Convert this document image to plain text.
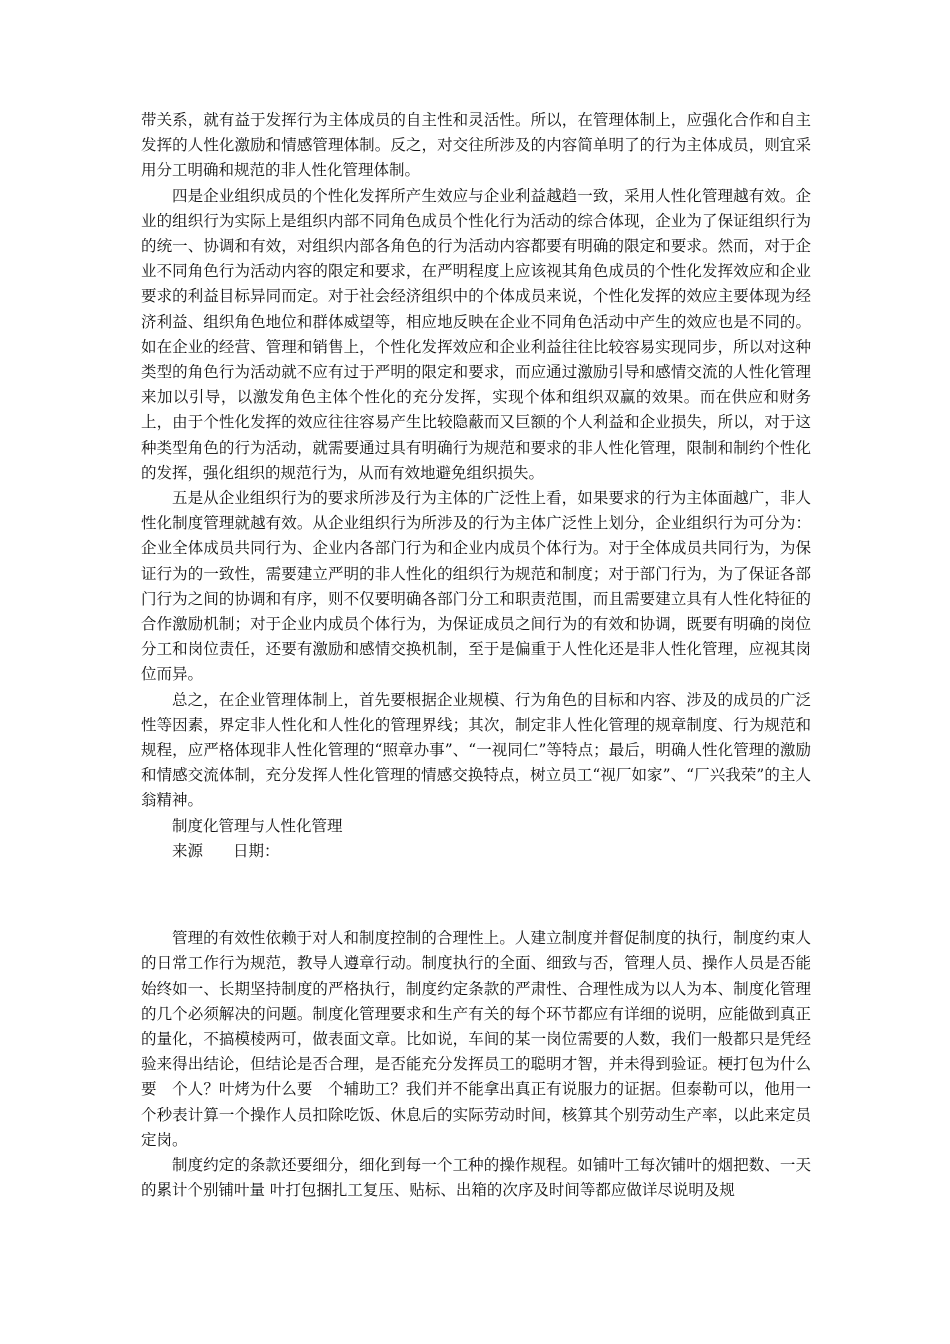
带关系，就有益于发挥行为主体成员的自主性和灵活性。所以，在管理体制上，应强化合作和自主发挥的人性化激励和情感管理体制。反之，对交往所涉及的内容简单明了的行为主体成员，则宜采用分工明确和规范的非人性化管理体制。

四是企业组织成员的个性化发挥所产生效应与企业利益越趋一致，采用人性化管理越有效。企业的组织行为实际上是组织内部不同角色成员个性化行为活动的综合体现，企业为了保证组织行为的统一、协调和有效，对组织内部各角色的行为活动内容都要有明确的限定和要求。然而，对于企业不同角色行为活动内容的限定和要求，在严明程度上应该视其角色成员的个性化发挥效应和企业要求的利益目标异同而定。对于社会经济组织中的个体成员来说，个性化发挥的效应主要体现为经济利益、组织角色地位和群体威望等，相应地反映在企业不同角色活动中产生的效应也是不同的。如在企业的经营、管理和销售上，个性化发挥效应和企业利益往往比较容易实现同步，所以对这种类型的角色行为活动就不应有过于严明的限定和要求，而应通过激励引导和感情交流的人性化管理来加以引导，以激发角色主体个性化的充分发挥，实现个体和组织双赢的效果。而在供应和财务上，由于个性化发挥的效应往往容易产生比较隐蔽而又巨额的个人利益和企业损失，所以，对于这种类型角色的行为活动，就需要通过具有明确行为规范和要求的非人性化管理，限制和制约个性化的发挥，强化组织的规范行为，从而有效地避免组织损失。

五是从企业组织行为的要求所涉及行为主体的广泛性上看，如果要求的行为主体面越广，非人性化制度管理就越有效。从企业组织行为所涉及的行为主体广泛性上划分，企业组织行为可分为：企业全体成员共同行为、企业内各部门行为和企业内成员个体行为。对于全体成员共同行为，为保证行为的一致性，需要建立严明的非人性化的组织行为规范和制度；对于部门行为，为了保证各部门行为之间的协调和有序，则不仅要明确各部门分工和职责范围，而且需要建立具有人性化特征的合作激励机制；对于企业内成员个体行为，为保证成员之间行为的有效和协调，既要有明确的岗位分工和岗位责任，还要有激励和感情交换机制，至于是偏重于人性化还是非人性化管理，应视其岗位而异。

总之，在企业管理体制上，首先要根据企业规模、行为角色的目标和内容、涉及的成员的广泛性等因素，界定非人性化和人性化的管理界线；其次，制定非人性化管理的规章制度、行为规范和规程，应严格体现非人性化管理的“照章办事”、“一视同仁”等特点；最后，明确人性化管理的激励和情感交流体制，充分发挥人性化管理的情感交换特点，树立员工“视厂如家”、“厂兴我荣”的主人翁精神。

制度化管理与人性化管理

来源 日期：

管理的有效性依赖于对人和制度控制的合理性上。人建立制度并督促制度的执行，制度约束人的日常工作行为规范，教导人遵章行动。制度执行的全面、细致与否，管理人员、操作人员是否能始终如一、长期坚持制度的严格执行，制度约定条款的严肃性、合理性成为以人为本、制度化管理的几个必须解决的问题。制度化管理要求和生产有关的每个环节都应有详细的说明，应能做到真正的量化，不搞模棱两可，做表面文章。比如说，车间的某一岗位需要的人数，我们一般都只是凭经验来得出结论，但结论是否合理，是否能充分发挥员工的聪明才智，并未得到验证。梗打包为什么要　个人？叶烤为什么要　个辅助工？我们并不能拿出真正有说服力的证据。但泰勒可以，他用一个秒表计算一个操作人员扣除吃饭、休息后的实际劳动时间，核算其个别劳动生产率，以此来定员定岗。

制度约定的条款还要细分，细化到每一个工种的操作规程。如铺叶工每次铺叶的烟把数、一天的累计个别铺叶量 叶打包捆扎工复压、贴标、出箱的次序及时间等都应做详尽说明及规
